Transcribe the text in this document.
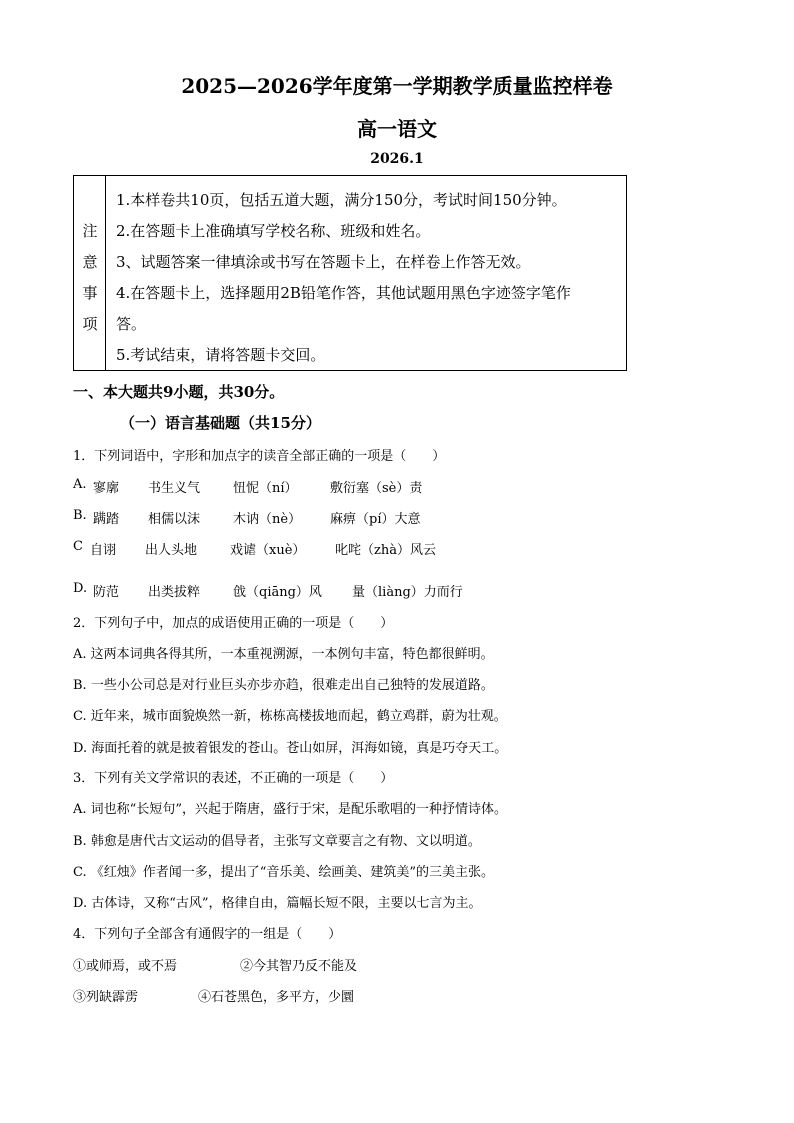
2025—2026学年度第一学期教学质量监控样卷
高一语文
2026.1
注
意
事
项
1.本样卷共10页，包括五道大题，满分150分，考试时间150分钟。
2.在答题卡上准确填写学校名称、班级和姓名。
3、试题答案一律填涂或书写在答题卡上，在样卷上作答无效。
4.在答题卡上，选择题用2B铅笔作答，其他试题用黑色字迹签字笔作
答。
5.考试结束，请将答题卡交回。
一、本大题共9小题，共30分。
（一）语言基础题（共15分）
1．下列词语中，字形和加点字的读音全部正确的一项是（　　）
A. 寥廓 书生义气	忸怩（ní） 敷衍塞（sè）责
B. 蹒踏 相儒以沫	木讷（nè） 麻痹（pí）大意
C 自诩 出人头地	戏谑（xuè） 叱咤（zhà）风云
D. 防范 出类拔粹	戗（qiāng）风 量（liàng）力而行
2．下列句子中，加点的成语使用正确的一项是（　　）
A. 这两本词典各得其所，一本重视溯源，一本例句丰富，特色都很鲜明。
B. 一些小公司总是对行业巨头亦步亦趋，很难走出自己独特的发展道路。
C. 近年来，城市面貌焕然一新，栋栋高楼拔地而起，鹤立鸡群，蔚为壮观。
D. 海面托着的就是披着银发的苍山。苍山如屏，洱海如镜，真是巧夺天工。
3．下列有关文学常识的表述，不正确的一项是（　　）
A. 词也称“长短句”，兴起于隋唐，盛行于宋，是配乐歌唱的一种抒情诗体。
B. 韩愈是唐代古文运动的倡导者，主张写文章要言之有物、文以明道。
C. 《红烛》作者闻一多，提出了“音乐美、绘画美、建筑美”的三美主张。
D. 古体诗，又称“古风”，格律自由，篇幅长短不限，主要以七言为主。
4．下列句子全部含有通假字的一组是（　　）
①或师焉，或不焉	②今其智乃反不能及
③列缺霹雳	④石苍黑色，多平方，少圜
